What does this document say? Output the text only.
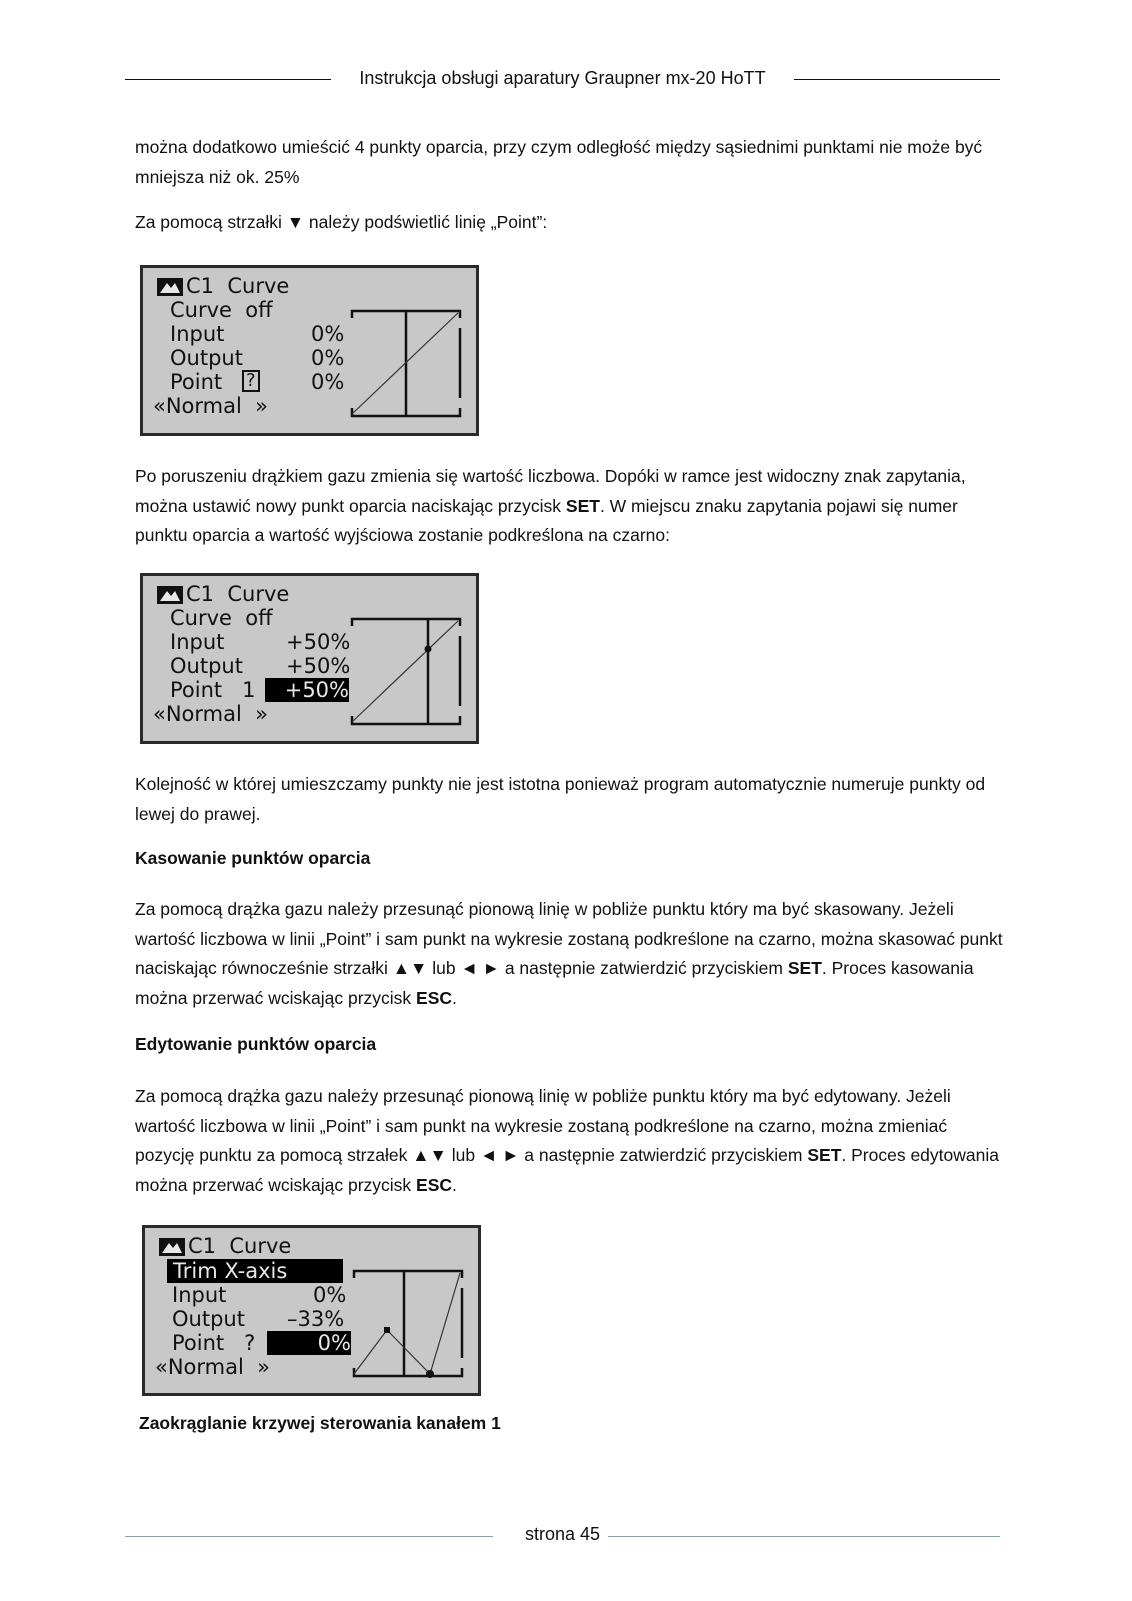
Instrukcja obsługi aparatury Graupner mx-20 HoTT
można dodatkowo umieścić 4 punkty oparcia, przy czym odległość między sąsiednimi punktami nie może być mniejsza niż ok. 25%
Za pomocą strzałki ▼ należy podświetlić linię „Point”:
C1  Curve
Curve  off
Input	0%
Output	0%
Point ?	0%
«Normal  »
Po poruszeniu drążkiem gazu zmienia się wartość liczbowa. Dopóki w ramce jest widoczny znak zapytania, można ustawić nowy punkt oparcia naciskając przycisk SET. W miejscu znaku zapytania pojawi się numer punktu oparcia a wartość wyjściowa zostanie podkreślona na czarno:
C1  Curve
Curve  off
Input	+50%
Output +50%
Point   1	+50%
«Normal  »
Kolejność w której umieszczamy punkty nie jest istotna ponieważ program automatycznie numeruje punkty od lewej do prawej.
Kasowanie punktów oparcia
Za pomocą drążka gazu należy przesunąć pionową linię w pobliże punktu który ma być skasowany. Jeżeli wartość liczbowa w linii „Point” i sam punkt na wykresie zostaną podkreślone na czarno, można skasować punkt naciskając równocześnie strzałki ▲▼ lub ◄ ► a następnie zatwierdzić przyciskiem SET. Proces kasowania można przerwać wciskając przycisk ESC.
Edytowanie punktów oparcia
Za pomocą drążka gazu należy przesunąć pionową linię w pobliże punktu który ma być edytowany. Jeżeli wartość liczbowa w linii „Point” i sam punkt na wykresie zostaną podkreślone na czarno, można zmieniać pozycję punktu za pomocą strzałek ▲▼ lub ◄ ► a następnie zatwierdzić przyciskiem SET. Proces edytowania można przerwać wciskając przycisk ESC.
C1  Curve
Trim X-axis
Input	0%
Output –33%
Point   ?	0%
«Normal  »
Zaokrąglanie krzywej sterowania kanałem 1
strona 45
